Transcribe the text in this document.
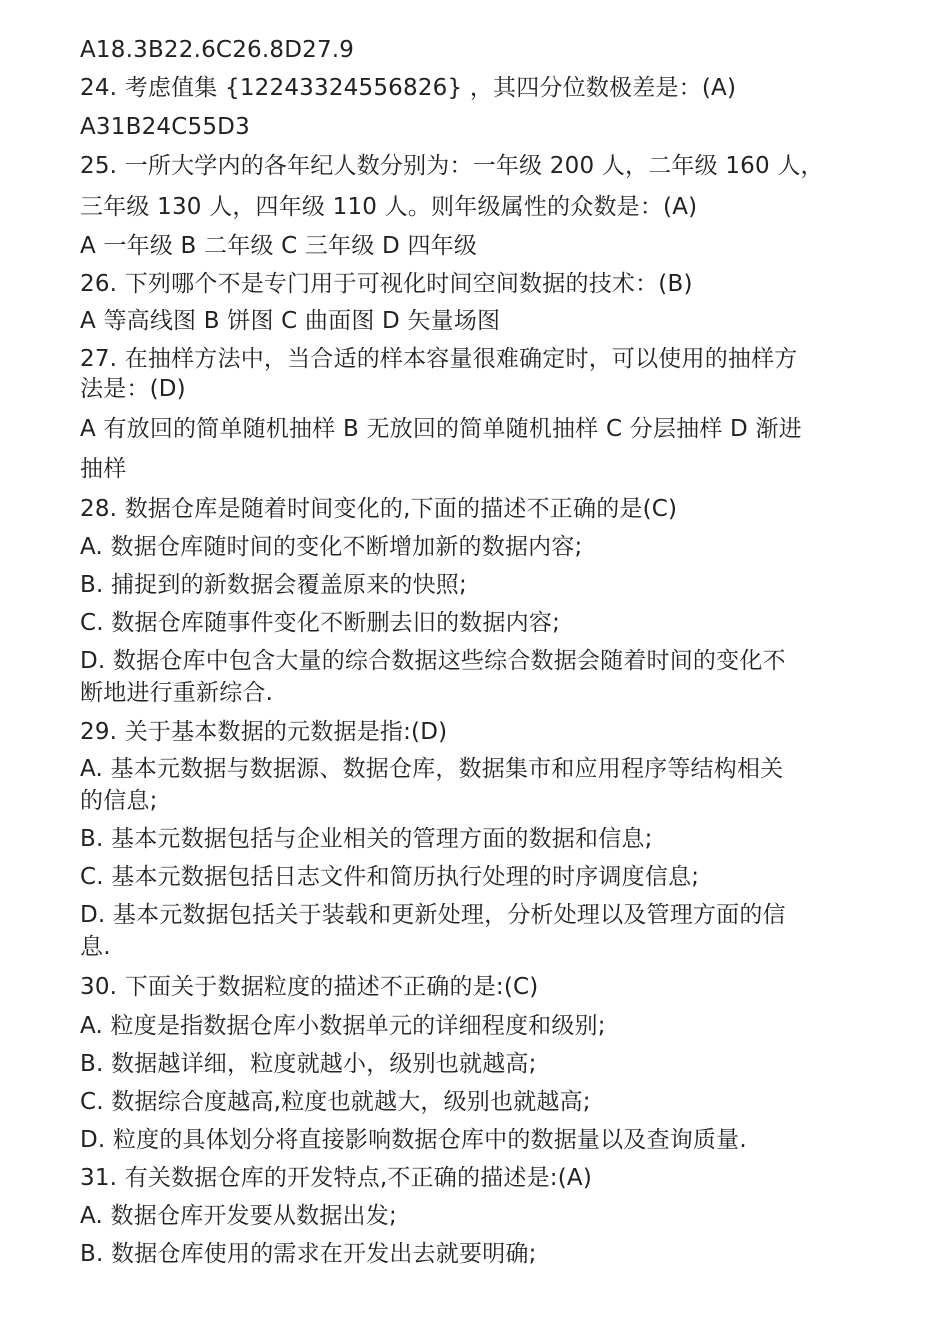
A18.3B22.6C26.8D27.9
24. 考虑值集 {12243324556826} ，其四分位数极差是：(A)
A31B24C55D3
25. 一所大学内的各年纪人数分别为：一年级 200 人，二年级 160 人，
三年级 130 人，四年级 110 人。则年级属性的众数是：(A)
A 一年级 B 二年级 C 三年级 D 四年级
26. 下列哪个不是专门用于可视化时间空间数据的技术：(B)
A 等高线图 B 饼图 C 曲面图 D 矢量场图
27. 在抽样方法中，当合适的样本容量很难确定时，可以使用的抽样方
法是：(D)
A 有放回的简单随机抽样 B 无放回的简单随机抽样 C 分层抽样 D 渐进
抽样
28. 数据仓库是随着时间变化的,下面的描述不正确的是(C)
A. 数据仓库随时间的变化不断增加新的数据内容;
B. 捕捉到的新数据会覆盖原来的快照;
C. 数据仓库随事件变化不断删去旧的数据内容;
D. 数据仓库中包含大量的综合数据这些综合数据会随着时间的变化不
断地进行重新综合.
29. 关于基本数据的元数据是指:(D)
A. 基本元数据与数据源、数据仓库，数据集市和应用程序等结构相关
的信息;
B. 基本元数据包括与企业相关的管理方面的数据和信息;
C. 基本元数据包括日志文件和简历执行处理的时序调度信息;
D. 基本元数据包括关于装载和更新处理，分析处理以及管理方面的信
息.
30. 下面关于数据粒度的描述不正确的是:(C)
A. 粒度是指数据仓库小数据单元的详细程度和级别;
B. 数据越详细，粒度就越小，级别也就越高;
C. 数据综合度越高,粒度也就越大，级别也就越高;
D. 粒度的具体划分将直接影响数据仓库中的数据量以及查询质量.
31. 有关数据仓库的开发特点,不正确的描述是:(A)
A. 数据仓库开发要从数据出发;
B. 数据仓库使用的需求在开发出去就要明确;
